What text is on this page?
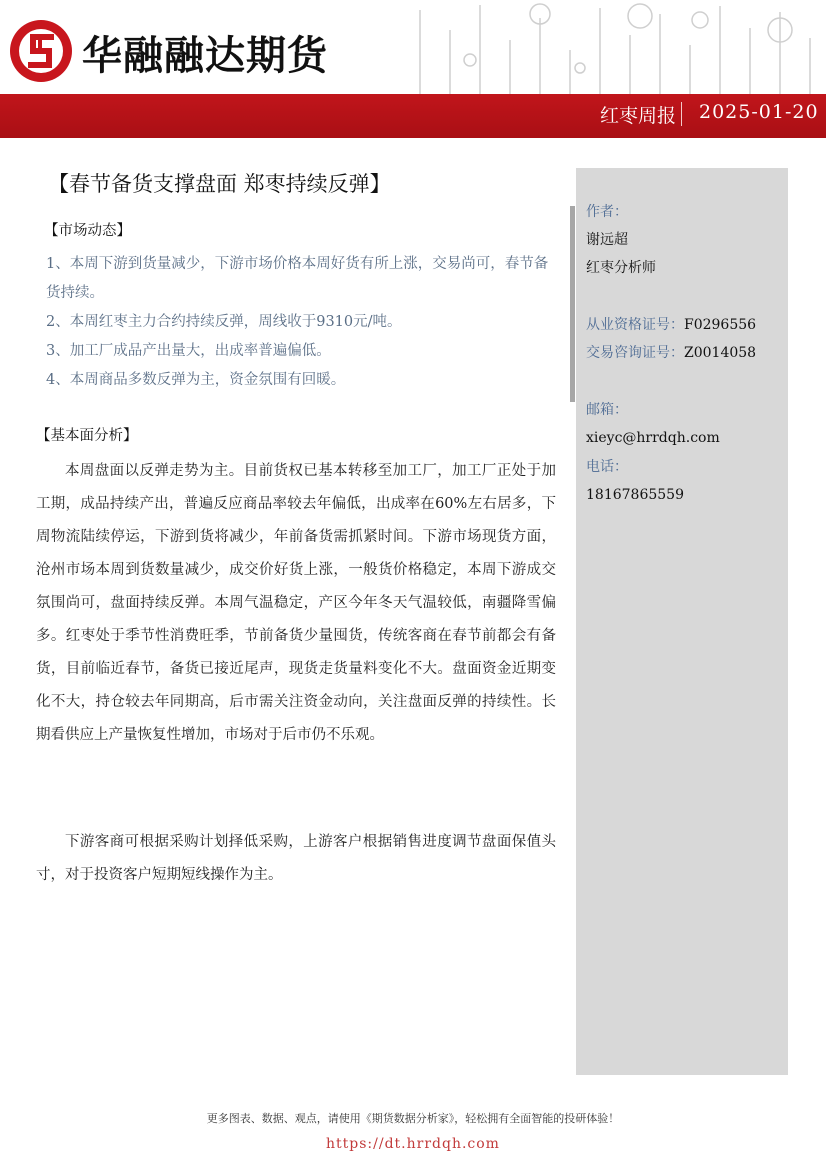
华融融达期货
红枣周报 2025-01-20
【春节备货支撑盘面 郑枣持续反弹】
【市场动态】
1、本周下游到货量减少，下游市场价格本周好货有所上涨，交易尚可，春节备货持续。
2、本周红枣主力合约持续反弹，周线收于9310元/吨。
3、加工厂成品产出量大，出成率普遍偏低。
4、本周商品多数反弹为主，资金氛围有回暖。
【基本面分析】

本周盘面以反弹走势为主。目前货权已基本转移至加工厂，加工厂正处于加工期，成品持续产出，普遍反应商品率较去年偏低，出成率在60%左右居多，下周物流陆续停运，下游到货将减少，年前备货需抓紧时间。下游市场现货方面，沧州市场本周到货数量减少，成交价好货上涨，一般货价格稳定，本周下游成交氛围尚可，盘面持续反弹。本周气温稳定，产区今年冬天气温较低，南疆降雪偏多。红枣处于季节性消费旺季，节前备货少量囤货，传统客商在春节前都会有备货，目前临近春节，备货已接近尾声，现货走货量料变化不大。盘面资金近期变化不大，持仓较去年同期高，后市需关注资金动向，关注盘面反弹的持续性。长期看供应上产量恢复性增加，市场对于后市仍不乐观。

下游客商可根据采购计划择低采购，上游客户根据销售进度调节盘面保值头寸，对于投资客户短期短线操作为主。

作者：
谢远超
红枣分析师
从业资格证号：F0296556
交易咨询证号：Z0014058
邮箱：
xieyc@hrrdqh.com
电话：
18167865559
更多图表、数据、观点，请使用《期货数据分析家》，轻松拥有全面智能的投研体验！
https://dt.hrrdqh.com
